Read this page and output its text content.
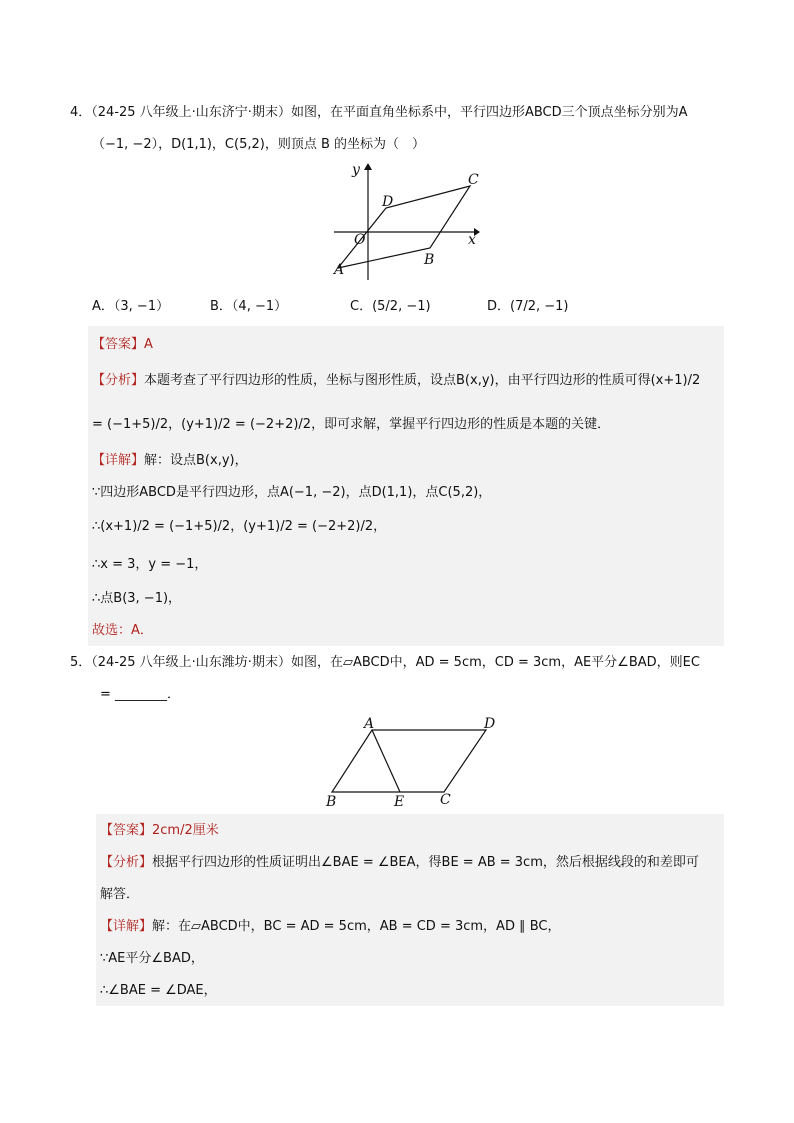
4．（24-25 八年级上·山东济宁·期末）如图，在平面直角坐标系中，平行四边形ABCD三个顶点坐标分别为A
（−1, −2），D(1,1)，C(5,2)，则顶点 B 的坐标为（　）
y
x
O
A
B
C
D
A．（3, −1）	B．（4, −1）	C．(5/2, −1)	D．(7/2, −1)
【答案】A
【分析】本题考查了平行四边形的性质，坐标与图形性质，设点B(x,y)，由平行四边形的性质可得(x+1)/2
= (−1+5)/2，(y+1)/2 = (−2+2)/2，即可求解，掌握平行四边形的性质是本题的关键．
【详解】解：设点B(x,y)，
∵四边形ABCD是平行四边形，点A(−1, −2)，点D(1,1)，点C(5,2)，
∴(x+1)/2 = (−1+5)/2，(y+1)/2 = (−2+2)/2，
∴x = 3，y = −1，
∴点B(3, −1)，
故选：A．
5．（24-25 八年级上·山东潍坊·期末）如图，在▱ABCD中，AD = 5cm，CD = 3cm，AE平分∠BAD，则EC
= ________．
A	D
B	E	C
【答案】2cm/2厘米
【分析】根据平行四边形的性质证明出∠BAE = ∠BEA，得BE = AB = 3cm，然后根据线段的和差即可
解答．
【详解】解：在▱ABCD中，BC = AD = 5cm，AB = CD = 3cm，AD ∥ BC，
∵AE平分∠BAD，
∴∠BAE = ∠DAE，
